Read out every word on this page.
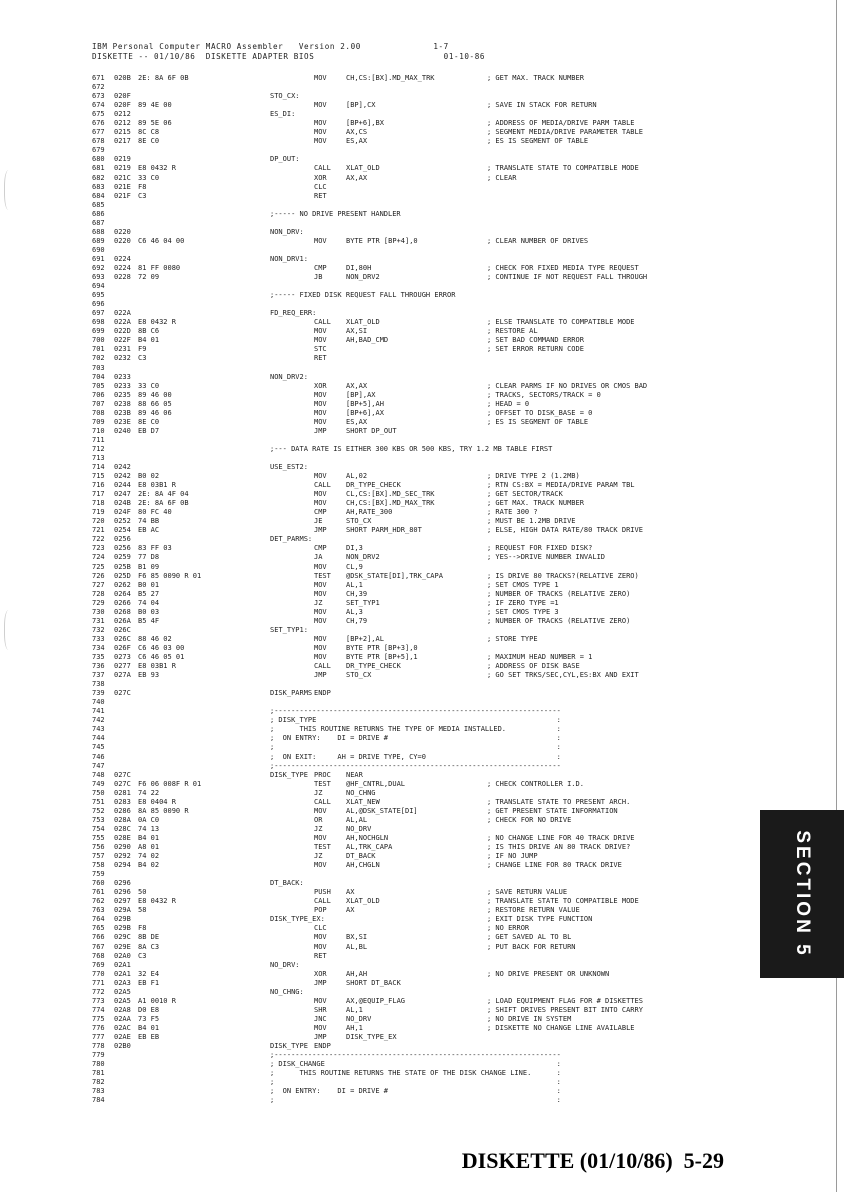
IBM Personal Computer MACRO Assembler   Version 2.00              1-7
DISKETTE -- 01/10/86  DISKETTE ADAPTER BIOS                         01-10-86
671 020B 2E: 8A 6F 0B	MOV	CH,CS:[BX].MD_MAX_TRK	; GET MAX. TRACK NUMBER
672
673 020F	STO_CX:
674 020F 89 4E 00	MOV	[BP],CX	; SAVE IN STACK FOR RETURN
675 0212	ES_DI:
676 0212 89 5E 06	MOV	[BP+6],BX	; ADDRESS OF MEDIA/DRIVE PARM TABLE
677 0215 8C C8	MOV	AX,CS	; SEGMENT MEDIA/DRIVE PARAMETER TABLE
678 0217 8E C0	MOV	ES,AX	; ES IS SEGMENT OF TABLE
679
680 0219	DP_OUT:
681 0219 E8 0432 R	CALL XLAT_OLD	; TRANSLATE STATE TO COMPATIBLE MODE
682 021C 33 C0	XOR	AX,AX	; CLEAR
683 021E F8	CLC
684 021F C3	RET
685
686	;----- NO DRIVE PRESENT HANDLER
687
688 0220	NON_DRV:
689 0220 C6 46 04 00	MOV	BYTE PTR [BP+4],0	; CLEAR NUMBER OF DRIVES
690
691 0224	NON_DRV1:
692 0224 81 FF 0080	CMP	DI,80H	; CHECK FOR FIXED MEDIA TYPE REQUEST
693 0228 72 09	JB	NON_DRV2	; CONTINUE IF NOT REQUEST FALL THROUGH
694
695	;----- FIXED DISK REQUEST FALL THROUGH ERROR
696
697 022A	FD_REQ_ERR:
698 022A E8 0432 R	CALL XLAT_OLD	; ELSE TRANSLATE TO COMPATIBLE MODE
699 022D 8B C6	MOV	AX,SI	; RESTORE AL
700 022F B4 01	MOV	AH,BAD_CMD	; SET BAD COMMAND ERROR
701 0231 F9	STC	; SET ERROR RETURN CODE
702 0232 C3	RET
703
704 0233	NON_DRV2:
705 0233 33 C0	XOR	AX,AX	; CLEAR PARMS IF NO DRIVES OR CMOS BAD
706 0235 89 46 00	MOV	[BP],AX	; TRACKS, SECTORS/TRACK = 0
707 0238 88 66 05	MOV	[BP+5],AH	; HEAD = 0
708 023B 89 46 06	MOV	[BP+6],AX	; OFFSET TO DISK_BASE = 0
709 023E 8E C0	MOV	ES,AX	; ES IS SEGMENT OF TABLE
710 0240 EB D7	JMP	SHORT DP_OUT
711
712	;--- DATA RATE IS EITHER 300 KBS OR 500 KBS, TRY 1.2 MB TABLE FIRST
713
714 0242	USE_EST2:
715 0242 B0 02	MOV	AL,02	; DRIVE TYPE 2 (1.2MB)
716 0244 E8 03B1 R	CALL DR_TYPE_CHECK	; RTN CS:BX = MEDIA/DRIVE PARAM TBL
717 0247 2E: 8A 4F 04	MOV	CL,CS:[BX].MD_SEC_TRK	; GET SECTOR/TRACK
718 024B 2E: 8A 6F 0B	MOV	CH,CS:[BX].MD_MAX_TRK	; GET MAX. TRACK NUMBER
719 024F 80 FC 40	CMP	AH,RATE_300	; RATE 300 ?
720 0252 74 BB	JE	STO_CX	; MUST BE 1.2MB DRIVE
721 0254 EB AC	JMP	SHORT PARM_HDR_80T	; ELSE, HIGH DATA RATE/80 TRACK DRIVE
722 0256	DET_PARMS:
723 0256 83 FF 03	CMP	DI,3	; REQUEST FOR FIXED DISK?
724 0259 77 D8	JA	NON_DRV2	; YES-->DRIVE NUMBER INVALID
725 025B B1 09	MOV	CL,9
726 025D F6 85 0090 R 01	TEST @DSK_STATE[DI],TRK_CAPA	; IS DRIVE 80 TRACKS?(RELATIVE ZERO)
727 0262 B0 01	MOV	AL,1	; SET CMOS TYPE 1
728 0264 B5 27	MOV	CH,39	; NUMBER OF TRACKS (RELATIVE ZERO)
729 0266 74 04	JZ	SET_TYP1	; IF ZERO TYPE =1
730 0268 B0 03	MOV	AL,3	; SET CMOS TYPE 3
731 026A B5 4F	MOV	CH,79	; NUMBER OF TRACKS (RELATIVE ZERO)
732 026C	SET_TYP1:
733 026C 88 46 02	MOV	[BP+2],AL	; STORE TYPE
734 026F C6 46 03 00	MOV	BYTE PTR [BP+3],0
735 0273 C6 46 05 01	MOV	BYTE PTR [BP+5],1	; MAXIMUM HEAD NUMBER = 1
736 0277 E8 03B1 R	CALL DR_TYPE_CHECK	; ADDRESS OF DISK BASE
737 027A EB 93	JMP	STO_CX	; GO SET TRKS/SEC,CYL,ES:BX AND EXIT
738
739 027C	DISK_PARMS ENDP
740
741	;--------------------------------------------------------------------
742	; DISK_TYPE                                                         :
743	;      THIS ROUTINE RETURNS THE TYPE OF MEDIA INSTALLED.            :
744	;  ON ENTRY:    DI = DRIVE #                                        :
745	;                                                                   :
746	;  ON EXIT:     AH = DRIVE TYPE, CY=0                               :
747	;--------------------------------------------------------------------
748 027C	DISK_TYPE PROC NEAR
749 027C F6 06 008F R 01	TEST @HF_CNTRL,DUAL	; CHECK CONTROLLER I.D.
750 0281 74 22	JZ	NO_CHNG
751 0283 E8 0404 R	CALL XLAT_NEW	; TRANSLATE STATE TO PRESENT ARCH.
752 0286 8A 85 0090 R	MOV	AL,@DSK_STATE[DI]	; GET PRESENT STATE INFORMATION
753 028A 0A C0	OR	AL,AL	; CHECK FOR NO DRIVE
754 028C 74 13	JZ	NO_DRV
755 028E B4 01	MOV	AH,NOCHGLN	; NO CHANGE LINE FOR 40 TRACK DRIVE
756 0290 A8 01	TEST AL,TRK_CAPA	; IS THIS DRIVE AN 80 TRACK DRIVE?
757 0292 74 02	JZ	DT_BACK	; IF NO JUMP
758 0294 B4 02	MOV	AH,CHGLN	; CHANGE LINE FOR 80 TRACK DRIVE
759
760 0296	DT_BACK:
761 0296 50	PUSH AX	; SAVE RETURN VALUE
762 0297 E8 0432 R	CALL XLAT_OLD	; TRANSLATE STATE TO COMPATIBLE MODE
763 029A 58	POP	AX	; RESTORE RETURN VALUE
764 029B	DISK_TYPE_EX:	; EXIT DISK TYPE FUNCTION
765 029B F8	CLC	; NO ERROR
766 029C 8B DE	MOV	BX,SI	; GET SAVED AL TO BL
767 029E 8A C3	MOV	AL,BL	; PUT BACK FOR RETURN
768 02A0 C3	RET
769 02A1	NO_DRV:
770 02A1 32 E4	XOR	AH,AH	; NO DRIVE PRESENT OR UNKNOWN
771 02A3 EB F1	JMP	SHORT DT_BACK
772 02A5	NO_CHNG:
773 02A5 A1 0010 R	MOV	AX,@EQUIP_FLAG	; LOAD EQUIPMENT FLAG FOR # DISKETTES
774 02A8 D0 E8	SHR	AL,1	; SHIFT DRIVES PRESENT BIT INTO CARRY
775 02AA 73 F5	JNC	NO_DRV	; NO DRIVE IN SYSTEM
776 02AC B4 01	MOV	AH,1	; DISKETTE NO CHANGE LINE AVAILABLE
777 02AE EB EB	JMP	DISK_TYPE_EX
778 02B0	DISK_TYPE ENDP
779	;--------------------------------------------------------------------
780	; DISK_CHANGE                                                       :
781	;      THIS ROUTINE RETURNS THE STATE OF THE DISK CHANGE LINE.      :
782	;                                                                   :
783	;  ON ENTRY:    DI = DRIVE #                                        :
784	;                                                                   :
SECTION 5
DISKETTE (01/10/86) 5-29
